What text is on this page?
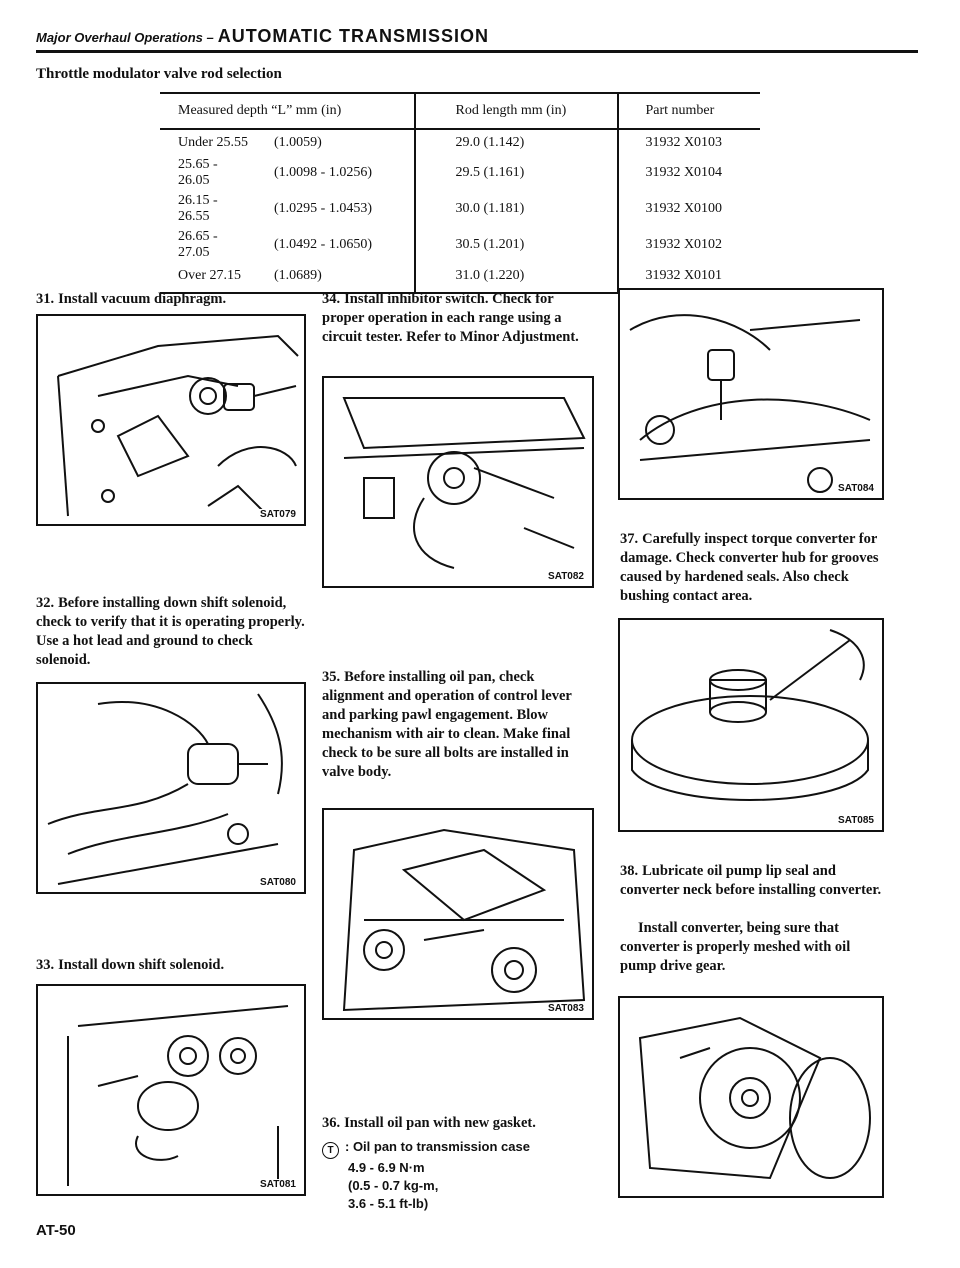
Major Overhaul Operations – AUTOMATIC TRANSMISSION
Throttle modulator valve rod selection
Measured depth “L” mm (in)		Rod length mm (in)	Part number
Under 25.55	(1.0059)	29.0 (1.142)	31932 X0103
25.65 - 26.05	(1.0098 - 1.0256)	29.5 (1.161)	31932 X0104
26.15 - 26.55	(1.0295 - 1.0453)	30.0 (1.181)	31932 X0100
26.65 - 27.05	(1.0492 - 1.0650)	30.5 (1.201)	31932 X0102
Over 27.15	(1.0689)	31.0 (1.220)	31932 X0101
31. Install vacuum diaphragm.
SAT079
32. Before installing down shift solenoid, check to verify that it is operating properly. Use a hot lead and ground to check solenoid.
SAT080
33. Install down shift solenoid.
SAT081
34. Install inhibitor switch. Check for proper operation in each range using a circuit tester. Refer to Minor Adjustment.
SAT082
35. Before installing oil pan, check alignment and operation of control lever and parking pawl engagement. Blow mechanism with air to clean. Make final check to be sure all bolts are installed in valve body.
SAT083
36. Install oil pan with new gasket.
T : Oil pan to transmission case
4.9 - 6.9 N·m
(0.5 - 0.7 kg-m,
3.6 - 5.1 ft-lb)
SAT084
37. Carefully inspect torque converter for damage. Check converter hub for grooves caused by hardened seals. Also check bushing contact area.
SAT085
38. Lubricate oil pump lip seal and converter neck before installing converter.
Install converter, being sure that converter is properly meshed with oil pump drive gear.
AT-50
